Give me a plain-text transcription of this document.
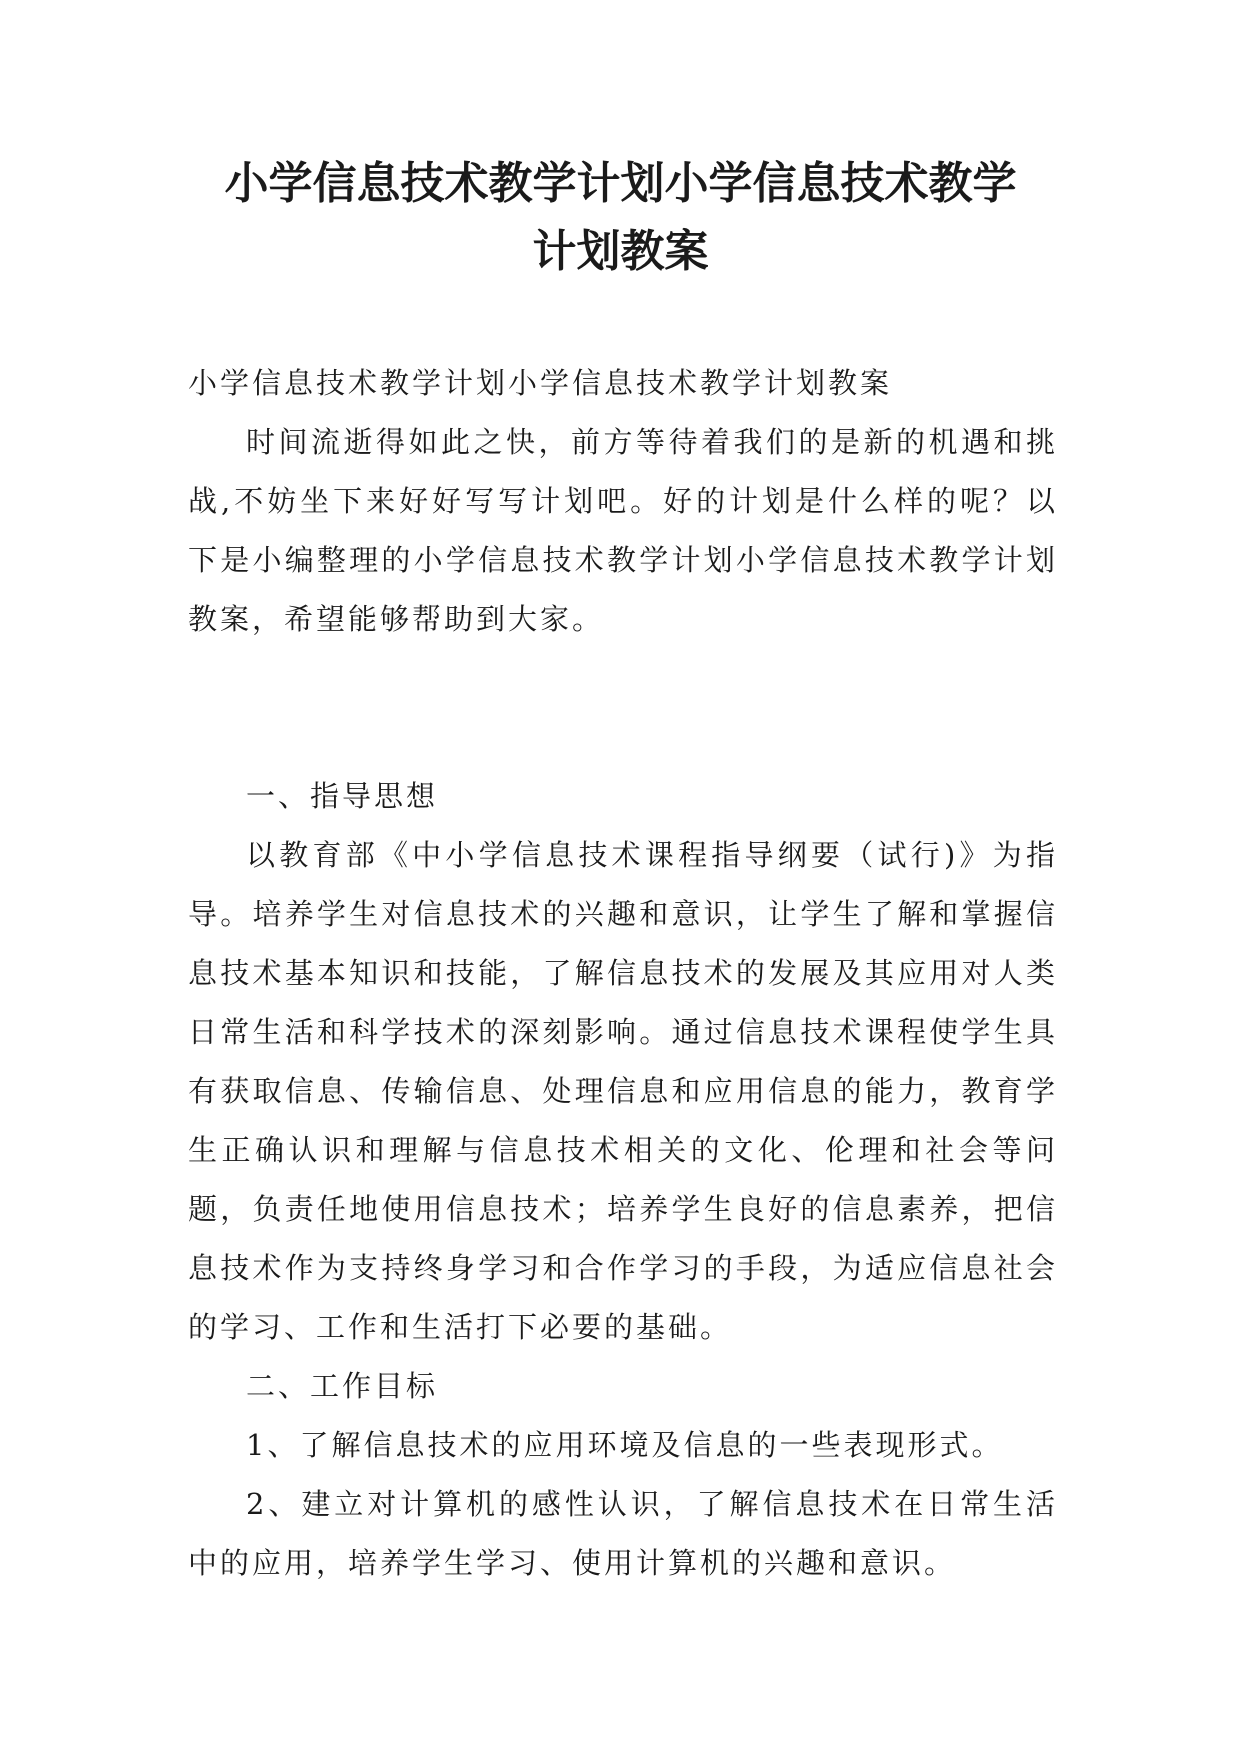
小学信息技术教学计划小学信息技术教学
计划教案

小学信息技术教学计划小学信息技术教学计划教案

时间流逝得如此之快，前方等待着我们的是新的机遇和挑战,不妨坐下来好好写写计划吧。好的计划是什么样的呢？以下是小编整理的小学信息技术教学计划小学信息技术教学计划教案，希望能够帮助到大家。

一、指导思想

以教育部《中小学信息技术课程指导纲要（试行)》为指导。培养学生对信息技术的兴趣和意识，让学生了解和掌握信息技术基本知识和技能，了解信息技术的发展及其应用对人类日常生活和科学技术的深刻影响。通过信息技术课程使学生具有获取信息、传输信息、处理信息和应用信息的能力，教育学生正确认识和理解与信息技术相关的文化、伦理和社会等问题，负责任地使用信息技术；培养学生良好的信息素养，把信息技术作为支持终身学习和合作学习的手段，为适应信息社会的学习、工作和生活打下必要的基础。

二、工作目标

1、了解信息技术的应用环境及信息的一些表现形式。

2、建立对计算机的感性认识，了解信息技术在日常生活中的应用，培养学生学习、使用计算机的兴趣和意识。
